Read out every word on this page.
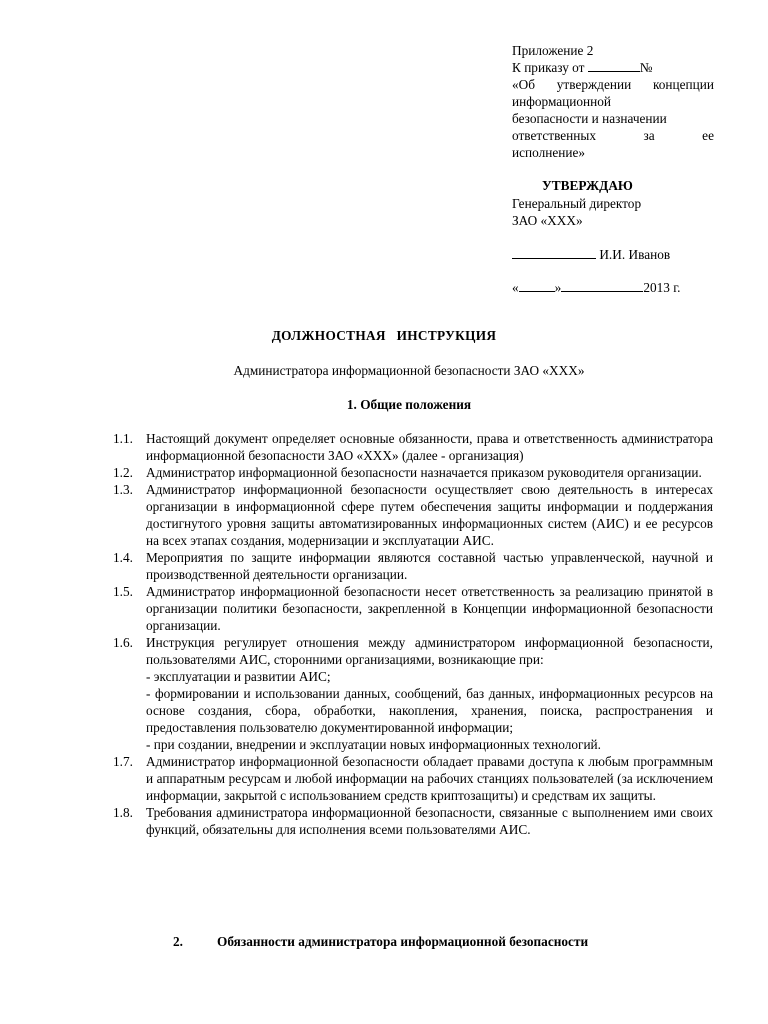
Приложение 2
К приказу от	№
«Об утверждении концепции
информационной
безопасности и назначении
ответственных за ее
исполнение»
УТВЕРЖДАЮ
Генеральный директор
ЗАО «ХХХ»
И.И. Иванов
«	»	2013 г.
ДОЛЖНОСТНАЯ   ИНСТРУКЦИЯ
Администратора информационной безопасности ЗАО «ХХХ»
1. Общие положения
1.1. Настоящий документ определяет основные обязанности, права и ответственность администратора информационной безопасности ЗАО «ХХХ» (далее - организация)
1.2. Администратор информационной безопасности назначается приказом руководителя организации.
1.3. Администратор информационной безопасности осуществляет свою деятельность в интересах организации в информационной сфере путем обеспечения защиты информации и поддержания достигнутого уровня защиты автоматизированных информационных систем (АИС) и ее ресурсов на всех этапах создания, модернизации и эксплуатации АИС.
1.4. Мероприятия по защите информации являются составной частью управленческой, научной и производственной деятельности организации.
1.5. Администратор информационной безопасности несет ответственность за реализацию принятой в организации политики безопасности, закрепленной в Концепции информационной безопасности организации.
1.6. Инструкция регулирует отношения между администратором информационной безопасности, пользователями АИС, сторонними организациями, возникающие при:
- эксплуатации и развитии АИС;
- формировании и использовании данных, сообщений, баз данных, информационных ресурсов на основе создания, сбора, обработки, накопления, хранения, поиска, распространения и предоставления пользователю документированной информации;
- при создании, внедрении и эксплуатации новых информационных технологий.
1.7. Администратор информационной безопасности обладает правами доступа к любым программным и аппаратным ресурсам и любой информации на рабочих станциях пользователей (за исключением информации, закрытой с использованием средств криптозащиты) и средствам их защиты.
1.8. Требования администратора информационной безопасности, связанные с выполнением ими своих функций, обязательны для исполнения всеми пользователями АИС.
2.	Обязанности администратора информационной безопасности
